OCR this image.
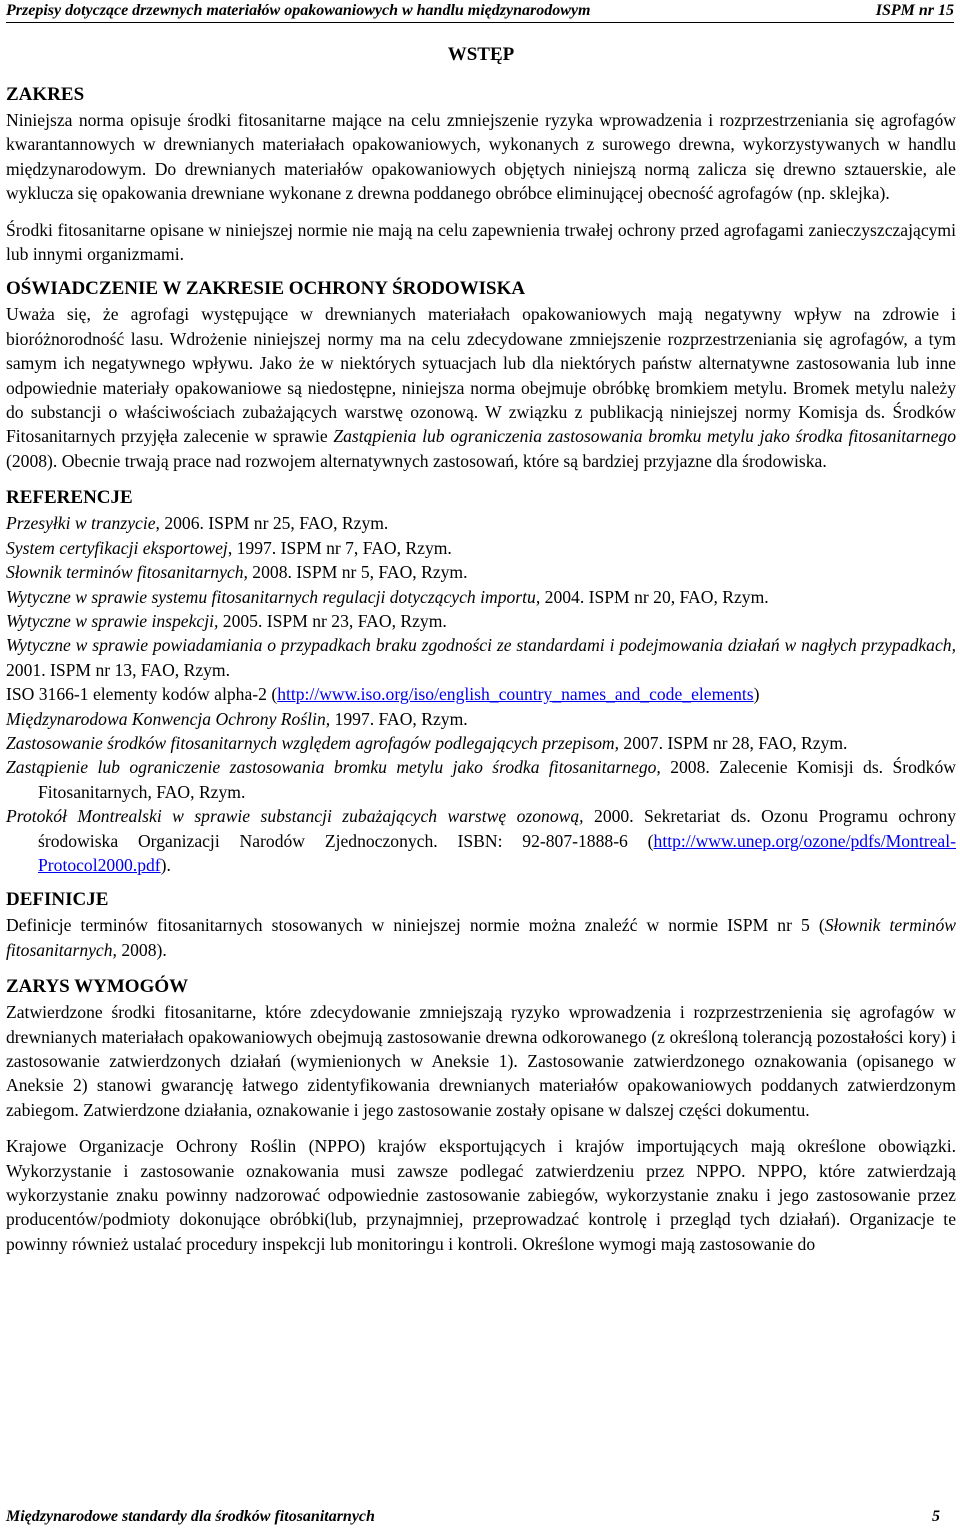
Przepisy dotyczące drzewnych materiałów opakowaniowych w handlu międzynarodowym	ISPM nr 15
WSTĘP
ZAKRES

Niniejsza norma opisuje środki fitosanitarne mające na celu zmniejszenie ryzyka wprowadzenia i rozprzestrzeniania się agrofagów kwarantannowych w drewnianych materiałach opakowaniowych, wykonanych z surowego drewna, wykorzystywanych w handlu międzynarodowym. Do drewnianych materiałów opakowaniowych objętych niniejszą normą zalicza się drewno sztauerskie, ale wyklucza się opakowania drewniane wykonane z drewna poddanego obróbce eliminującej obecność agrofagów (np. sklejka).

Środki fitosanitarne opisane w niniejszej normie nie mają na celu zapewnienia trwałej ochrony przed agrofagami zanieczyszczającymi lub innymi organizmami.

OŚWIADCZENIE W ZAKRESIE OCHRONY ŚRODOWISKA

Uważa się, że agrofagi występujące w drewnianych materiałach opakowaniowych mają negatywny wpływ na zdrowie i bioróżnorodność lasu. Wdrożenie niniejszej normy ma na celu zdecydowane zmniejszenie rozprzestrzeniania się agrofagów, a tym samym ich negatywnego wpływu. Jako że w niektórych sytuacjach lub dla niektórych państw alternatywne zastosowania lub inne odpowiednie materiały opakowaniowe są niedostępne, niniejsza norma obejmuje obróbkę bromkiem metylu. Bromek metylu należy do substancji o właściwościach zubażających warstwę ozonową. W związku z publikacją niniejszej normy Komisja ds. Środków Fitosanitarnych przyjęła zalecenie w sprawie Zastąpienia lub ograniczenia zastosowania bromku metylu jako środka fitosanitarnego (2008). Obecnie trwają prace nad rozwojem alternatywnych zastosowań, które są bardziej przyjazne dla środowiska.

REFERENCJE
Przesyłki w tranzycie, 2006. ISPM nr 25, FAO, Rzym.
System certyfikacji eksportowej, 1997. ISPM nr 7, FAO, Rzym.
Słownik terminów fitosanitarnych, 2008. ISPM nr 5, FAO, Rzym.
Wytyczne w sprawie systemu fitosanitarnych regulacji dotyczących importu, 2004. ISPM nr 20, FAO, Rzym.
Wytyczne w sprawie inspekcji, 2005. ISPM nr 23, FAO, Rzym.
Wytyczne w sprawie powiadamiania o przypadkach braku zgodności ze standardami i podejmowania działań w nagłych przypadkach, 2001. ISPM nr 13, FAO, Rzym.
ISO 3166-1 elementy kodów alpha-2 (http://www.iso.org/iso/english_country_names_and_code_elements)
Międzynarodowa Konwencja Ochrony Roślin, 1997. FAO, Rzym.
Zastosowanie środków fitosanitarnych względem agrofagów podlegających przepisom, 2007. ISPM nr 28, FAO, Rzym.
Zastąpienie lub ograniczenie zastosowania bromku metylu jako środka fitosanitarnego, 2008. Zalecenie Komisji ds. Środków Fitosanitarnych, FAO, Rzym.
Protokół Montrealski w sprawie substancji zubażających warstwę ozonową, 2000. Sekretariat ds. Ozonu Programu ochrony środowiska Organizacji Narodów Zjednoczonych. ISBN: 92-807-1888-6 (http://www.unep.org/ozone/pdfs/Montreal-Protocol2000.pdf).
DEFINICJE

Definicje terminów fitosanitarnych stosowanych w niniejszej normie można znaleźć w normie ISPM nr 5 (Słownik terminów fitosanitarnych, 2008).

ZARYS WYMOGÓW

Zatwierdzone środki fitosanitarne, które zdecydowanie zmniejszają ryzyko wprowadzenia i rozprzestrzenienia się agrofagów w drewnianych materiałach opakowaniowych obejmują zastosowanie drewna odkorowanego (z określoną tolerancją pozostałości kory) i zastosowanie zatwierdzonych działań (wymienionych w Aneksie 1). Zastosowanie zatwierdzonego oznakowania (opisanego w Aneksie 2) stanowi gwarancję łatwego zidentyfikowania drewnianych materiałów opakowaniowych poddanych zatwierdzonym zabiegom. Zatwierdzone działania, oznakowanie i jego zastosowanie zostały opisane w dalszej części dokumentu.

Krajowe Organizacje Ochrony Roślin (NPPO) krajów eksportujących i krajów importujących mają określone obowiązki. Wykorzystanie i zastosowanie oznakowania musi zawsze podlegać zatwierdzeniu przez NPPO. NPPO, które zatwierdzają wykorzystanie znaku powinny nadzorować odpowiednie zastosowanie zabiegów, wykorzystanie znaku i jego zastosowanie przez producentów/podmioty dokonujące obróbki(lub, przynajmniej, przeprowadzać kontrolę i przegląd tych działań). Organizacje te powinny również ustalać procedury inspekcji lub monitoringu i kontroli. Określone wymogi mają zastosowanie do

Międzynarodowe standardy dla środków fitosanitarnych	5
